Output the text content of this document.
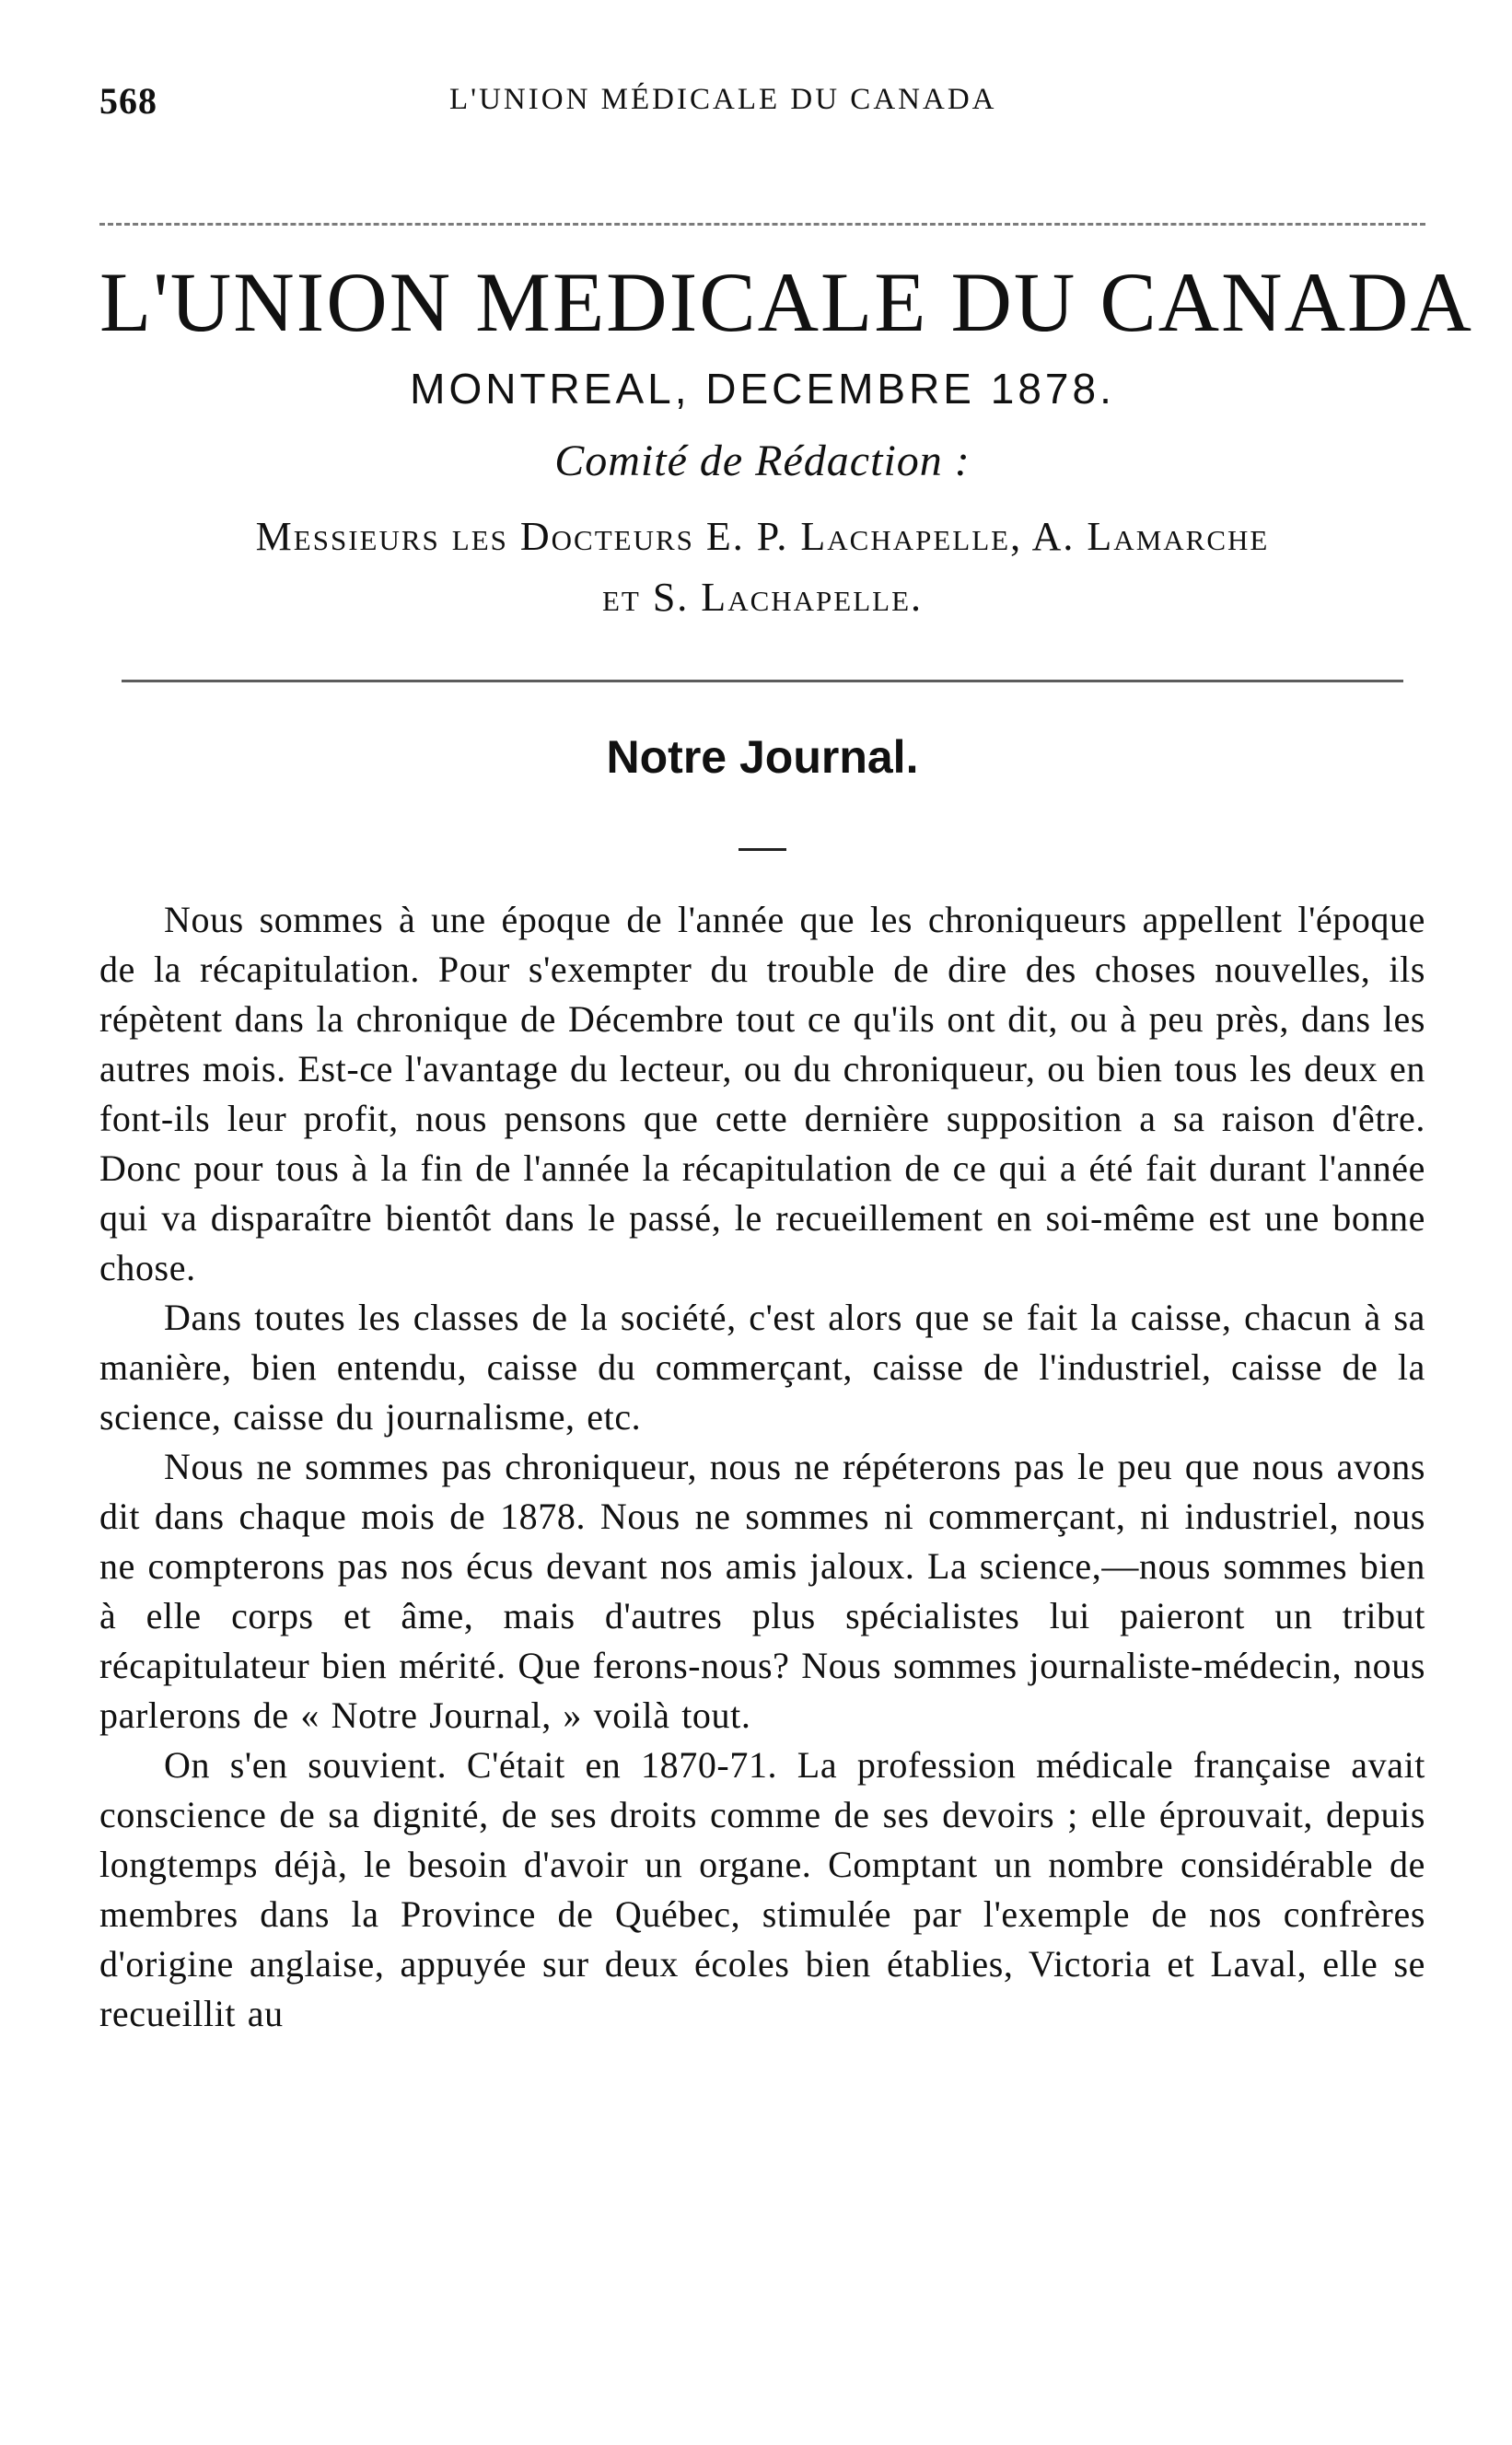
568	L'UNION MÉDICALE DU CANADA
L'UNION MEDICALE DU CANADA
MONTREAL, DECEMBRE 1878.
Comité de Rédaction :
Messieurs les Docteurs E. P. Lachapelle, A. Lamarche
et S. Lachapelle.
Notre Journal.

Nous sommes à une époque de l'année que les chroniqueurs appellent l'époque de la récapitulation. Pour s'exempter du trouble de dire des choses nouvelles, ils répètent dans la chronique de Décembre tout ce qu'ils ont dit, ou à peu près, dans les autres mois. Est-ce l'avantage du lecteur, ou du chroniqueur, ou bien tous les deux en font-ils leur profit, nous pensons que cette dernière supposition a sa raison d'être. Donc pour tous à la fin de l'année la récapitulation de ce qui a été fait durant l'année qui va disparaître bientôt dans le passé, le recueillement en soi-même est une bonne chose.

Dans toutes les classes de la société, c'est alors que se fait la caisse, chacun à sa manière, bien entendu, caisse du commerçant, caisse de l'industriel, caisse de la science, caisse du journalisme, etc.

Nous ne sommes pas chroniqueur, nous ne répéterons pas le peu que nous avons dit dans chaque mois de 1878. Nous ne sommes ni commerçant, ni industriel, nous ne compterons pas nos écus devant nos amis jaloux. La science,—nous sommes bien à elle corps et âme, mais d'autres plus spécialistes lui paieront un tribut récapitulateur bien mérité. Que ferons-nous? Nous sommes journaliste-médecin, nous parlerons de « Notre Journal, » voilà tout.

On s'en souvient. C'était en 1870-71. La profession médicale française avait conscience de sa dignité, de ses droits comme de ses devoirs ; elle éprouvait, depuis longtemps déjà, le besoin d'avoir un organe. Comptant un nombre considérable de membres dans la Province de Québec, stimulée par l'exemple de nos confrères d'origine anglaise, appuyée sur deux écoles bien établies, Victoria et Laval, elle se recueillit au
